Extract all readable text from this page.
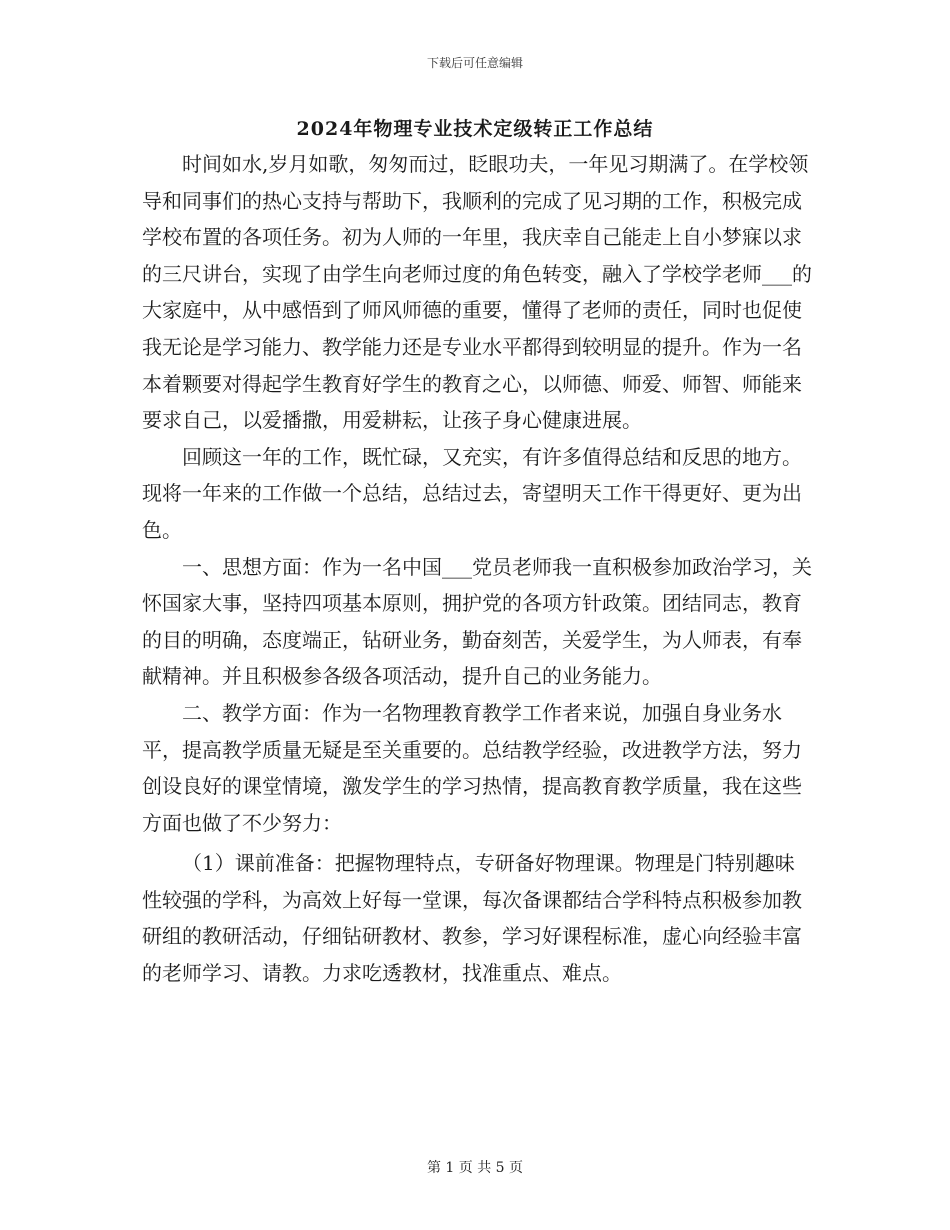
下载后可任意编辑
2024年物理专业技术定级转正工作总结

时间如水,岁月如歌，匆匆而过，眨眼功夫，一年见习期满了。在学校领导和同事们的热心支持与帮助下，我顺利的完成了见习期的工作，积极完成学校布置的各项任务。初为人师的一年里，我庆幸自己能走上自小梦寐以求的三尺讲台，实现了由学生向老师过度的角色转变，融入了学校学老师___的大家庭中，从中感悟到了师风师德的重要，懂得了老师的责任，同时也促使我无论是学习能力、教学能力还是专业水平都得到较明显的提升。作为一名本着颗要对得起学生教育好学生的教育之心，以师德、师爱、师智、师能来要求自己，以爱播撒，用爱耕耘，让孩子身心健康进展。

回顾这一年的工作，既忙碌，又充实，有许多值得总结和反思的地方。现将一年来的工作做一个总结，总结过去，寄望明天工作干得更好、更为出色。

一、思想方面：作为一名中国___党员老师我一直积极参加政治学习，关怀国家大事，坚持四项基本原则，拥护党的各项方针政策。团结同志，教育的目的明确，态度端正，钻研业务，勤奋刻苦，关爱学生，为人师表，有奉献精神。并且积极参各级各项活动，提升自己的业务能力。

二、教学方面：作为一名物理教育教学工作者来说，加强自身业务水平，提高教学质量无疑是至关重要的。总结教学经验，改进教学方法，努力创设良好的课堂情境，激发学生的学习热情，提高教育教学质量，我在这些方面也做了不少努力：

（1）课前准备：把握物理特点，专研备好物理课。物理是门特别趣味性较强的学科，为高效上好每一堂课，每次备课都结合学科特点积极参加教研组的教研活动，仔细钻研教材、教参，学习好课程标准，虚心向经验丰富的老师学习、请教。力求吃透教材，找准重点、难点。

第 1 页 共 5 页
